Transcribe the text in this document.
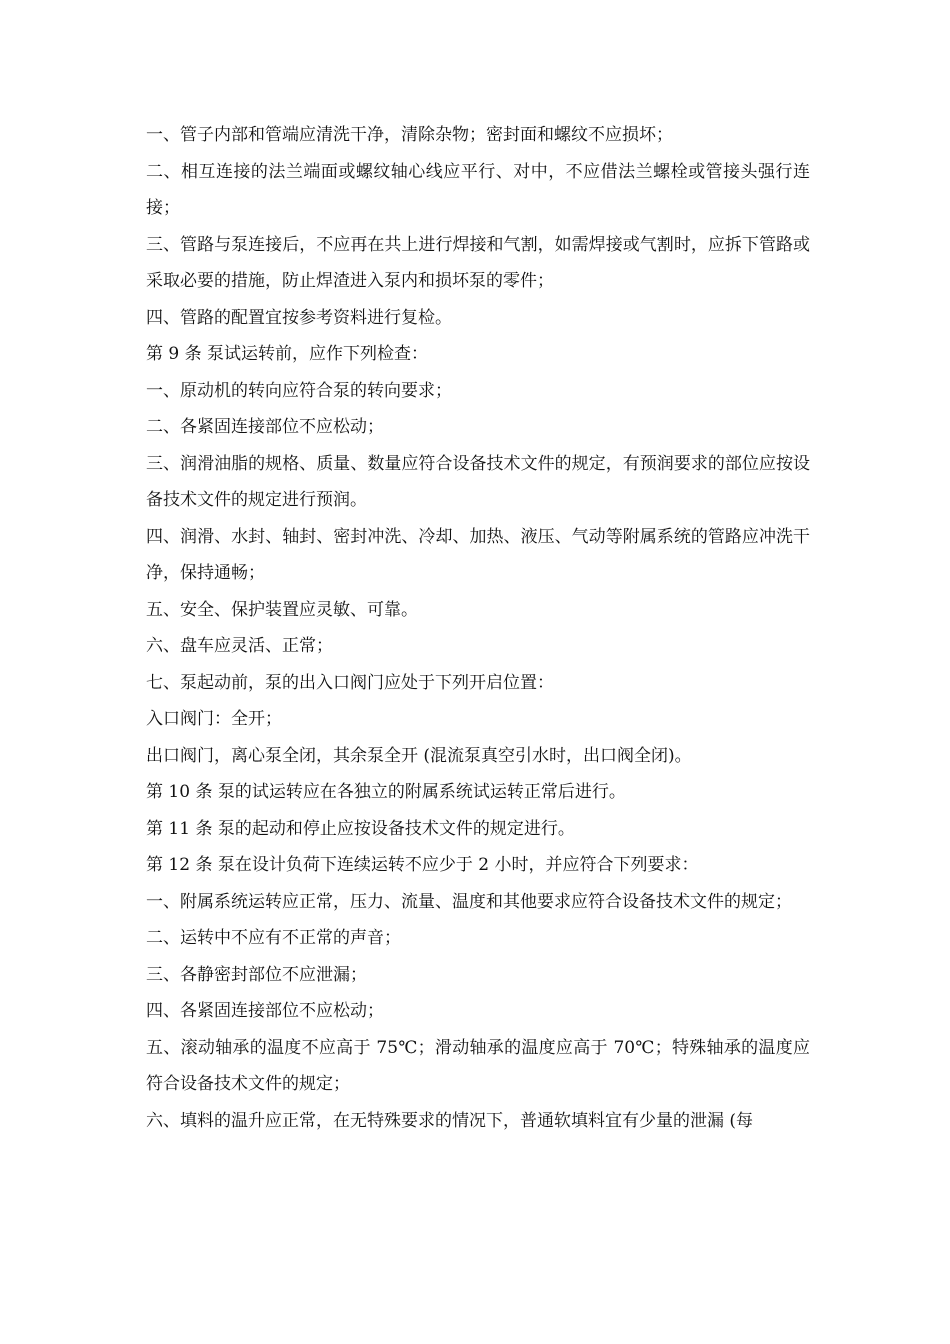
一、管子内部和管端应清洗干净，清除杂物；密封面和螺纹不应损坏；

二、相互连接的法兰端面或螺纹轴心线应平行、对中，不应借法兰螺栓或管接头强行连接；

三、管路与泵连接后，不应再在共上进行焊接和气割，如需焊接或气割时，应拆下管路或采取必要的措施，防止焊渣进入泵内和损坏泵的零件；

四、管路的配置宜按参考资料进行复检。

第 9 条 泵试运转前，应作下列检查：

一、原动机的转向应符合泵的转向要求；

二、各紧固连接部位不应松动；

三、润滑油脂的规格、质量、数量应符合设备技术文件的规定，有预润要求的部位应按设备技术文件的规定进行预润。

四、润滑、水封、轴封、密封冲洗、冷却、加热、液压、气动等附属系统的管路应冲洗干净，保持通畅；

五、安全、保护装置应灵敏、可靠。

六、盘车应灵活、正常；

七、泵起动前，泵的出入口阀门应处于下列开启位置：

入口阀门：全开；

出口阀门，离心泵全闭，其余泵全开 (混流泵真空引水时，出口阀全闭)。

第 10 条 泵的试运转应在各独立的附属系统试运转正常后进行。

第 11 条 泵的起动和停止应按设备技术文件的规定进行。

第 12 条 泵在设计负荷下连续运转不应少于 2 小时，并应符合下列要求：

一、附属系统运转应正常，压力、流量、温度和其他要求应符合设备技术文件的规定；

二、运转中不应有不正常的声音；

三、各静密封部位不应泄漏；

四、各紧固连接部位不应松动；

五、滚动轴承的温度不应高于 75℃；滑动轴承的温度应高于 70℃；特殊轴承的温度应符合设备技术文件的规定；

六、填料的温升应正常，在无特殊要求的情况下，普通软填料宜有少量的泄漏 (每
